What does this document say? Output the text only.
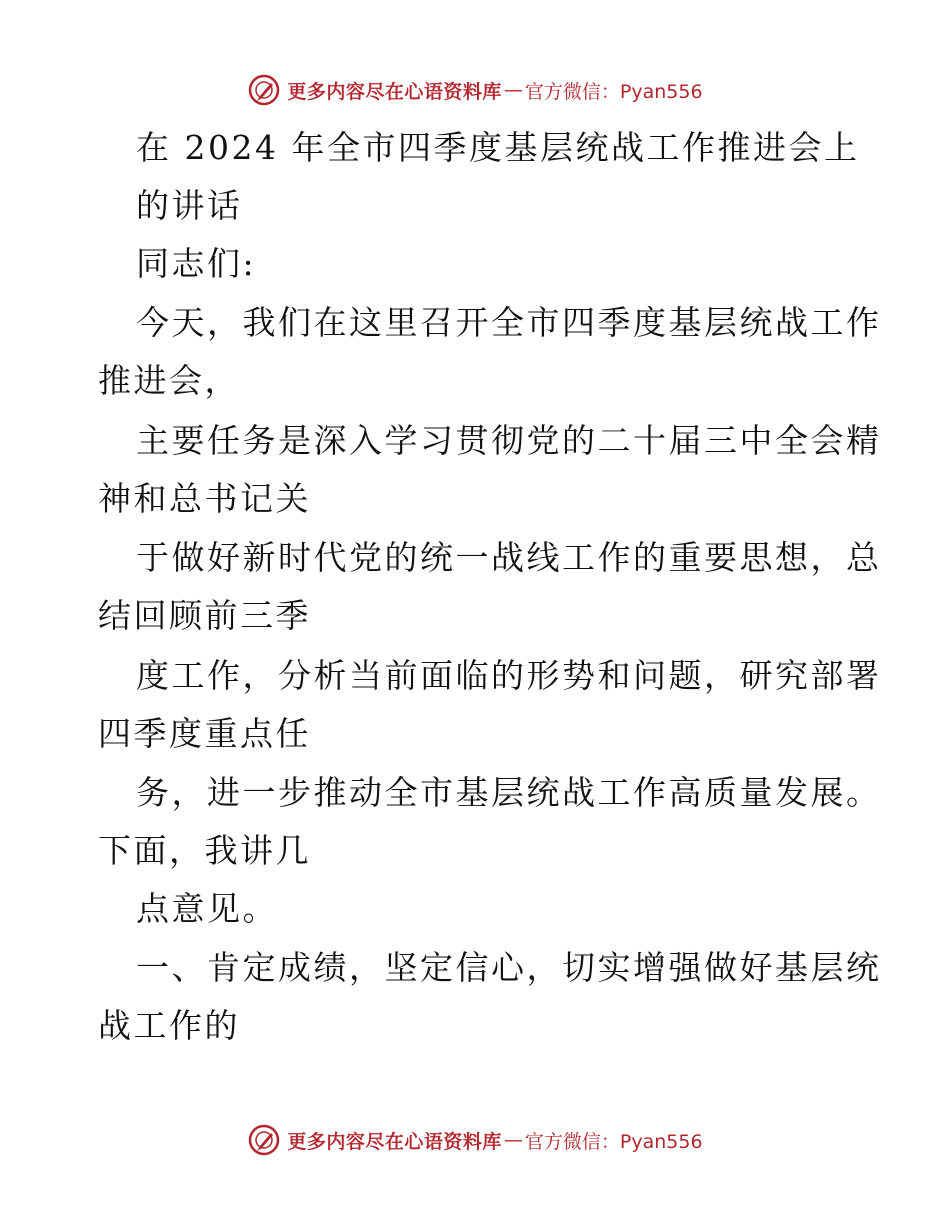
更多内容尽在心语资料库 — 官方微信：Pyan556
在 2024 年全市四季度基层统战工作推进会上
的讲话
同志们:
今天，我们在这里召开全市四季度基层统战工作
推进会，
主要任务是深入学习贯彻党的二十届三中全会精
神和总书记关
于做好新时代党的统一战线工作的重要思想，总
结回顾前三季
度工作，分析当前面临的形势和问题，研究部署
四季度重点任
务，进一步推动全市基层统战工作高质量发展。
下面，我讲几
点意见。
一、肯定成绩，坚定信心，切实增强做好基层统
战工作的
更多内容尽在心语资料库 — 官方微信：Pyan556
